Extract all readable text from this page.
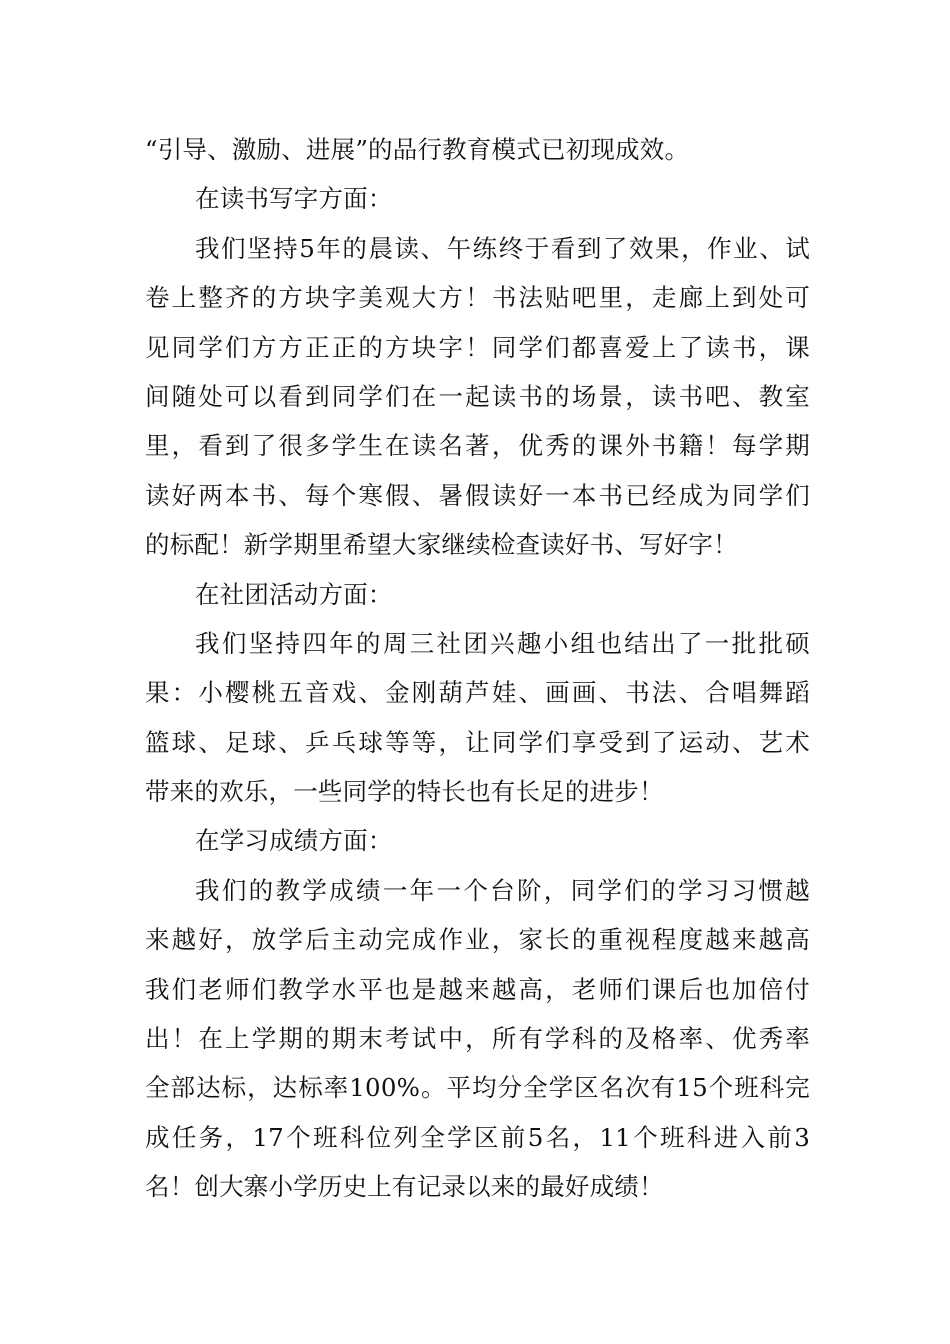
“引导、激励、进展”的品行教育模式已初现成效。
在读书写字方面：
我们坚持5年的晨读、午练终于看到了效果，作业、试
卷上整齐的方块字美观大方！书法贴吧里，走廊上到处可
见同学们方方正正的方块字！同学们都喜爱上了读书，课
间随处可以看到同学们在一起读书的场景，读书吧、教室
里，看到了很多学生在读名著，优秀的课外书籍！每学期
读好两本书、每个寒假、暑假读好一本书已经成为同学们
的标配！新学期里希望大家继续检查读好书、写好字！
在社团活动方面：
我们坚持四年的周三社团兴趣小组也结出了一批批硕
果：小樱桃五音戏、金刚葫芦娃、画画、书法、合唱舞蹈
篮球、足球、乒乓球等等，让同学们享受到了运动、艺术
带来的欢乐，一些同学的特长也有长足的进步！
在学习成绩方面：
我们的教学成绩一年一个台阶，同学们的学习习惯越
来越好，放学后主动完成作业，家长的重视程度越来越高
我们老师们教学水平也是越来越高，老师们课后也加倍付
出！在上学期的期末考试中，所有学科的及格率、优秀率
全部达标，达标率100%。平均分全学区名次有15个班科完
成任务，17个班科位列全学区前5名，11个班科进入前3
名！创大寨小学历史上有记录以来的最好成绩！
